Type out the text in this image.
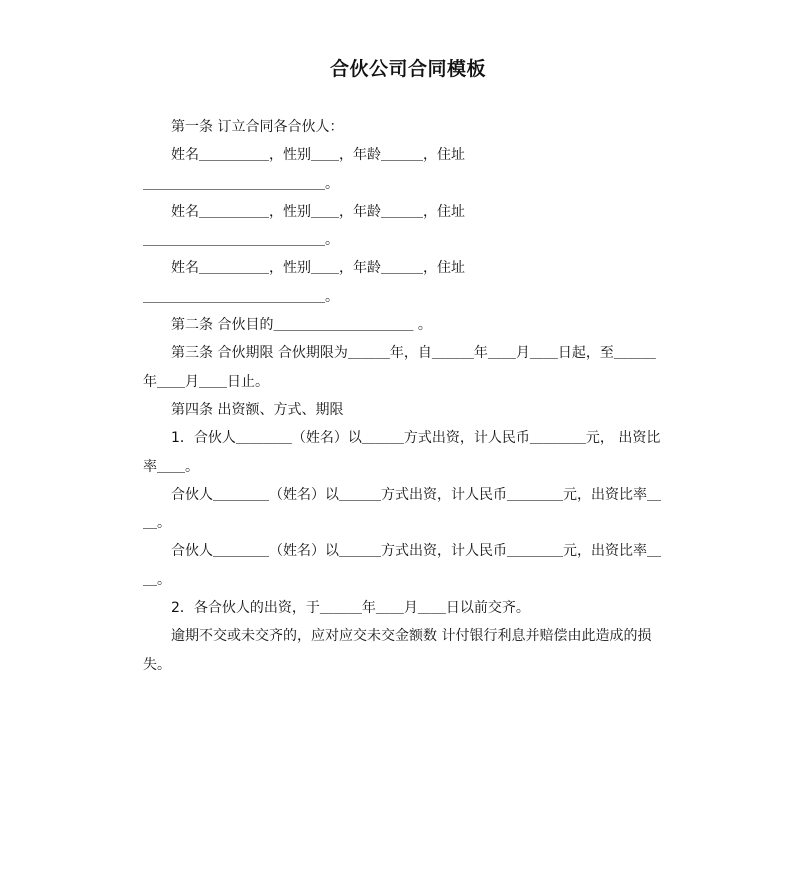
合伙公司合同模板

第一条 订立合同各合伙人：

姓名＿＿＿＿＿，性别＿＿，年龄＿＿＿，住址

＿＿＿＿＿＿＿＿＿＿＿＿＿。

姓名＿＿＿＿＿，性别＿＿，年龄＿＿＿，住址

＿＿＿＿＿＿＿＿＿＿＿＿＿。

姓名＿＿＿＿＿，性别＿＿，年龄＿＿＿，住址

＿＿＿＿＿＿＿＿＿＿＿＿＿。

第二条 合伙目的＿＿＿＿＿＿＿＿＿＿ 。

第三条 合伙期限 合伙期限为＿＿＿年，自＿＿＿年＿＿月＿＿日起，至＿＿＿年＿＿月＿＿日止。

第四条 出资额、方式、期限

1．合伙人＿＿＿＿（姓名）以＿＿＿方式出资，计人民币＿＿＿＿元， 出资比率＿＿。

合伙人＿＿＿＿（姓名）以＿＿＿方式出资，计人民币＿＿＿＿元，出资比率＿＿。

合伙人＿＿＿＿（姓名）以＿＿＿方式出资，计人民币＿＿＿＿元，出资比率＿＿。

2．各合伙人的出资，于＿＿＿年＿＿月＿＿日以前交齐。

逾期不交或未交齐的，应对应交未交金额数 计付银行利息并赔偿由此造成的损失。
